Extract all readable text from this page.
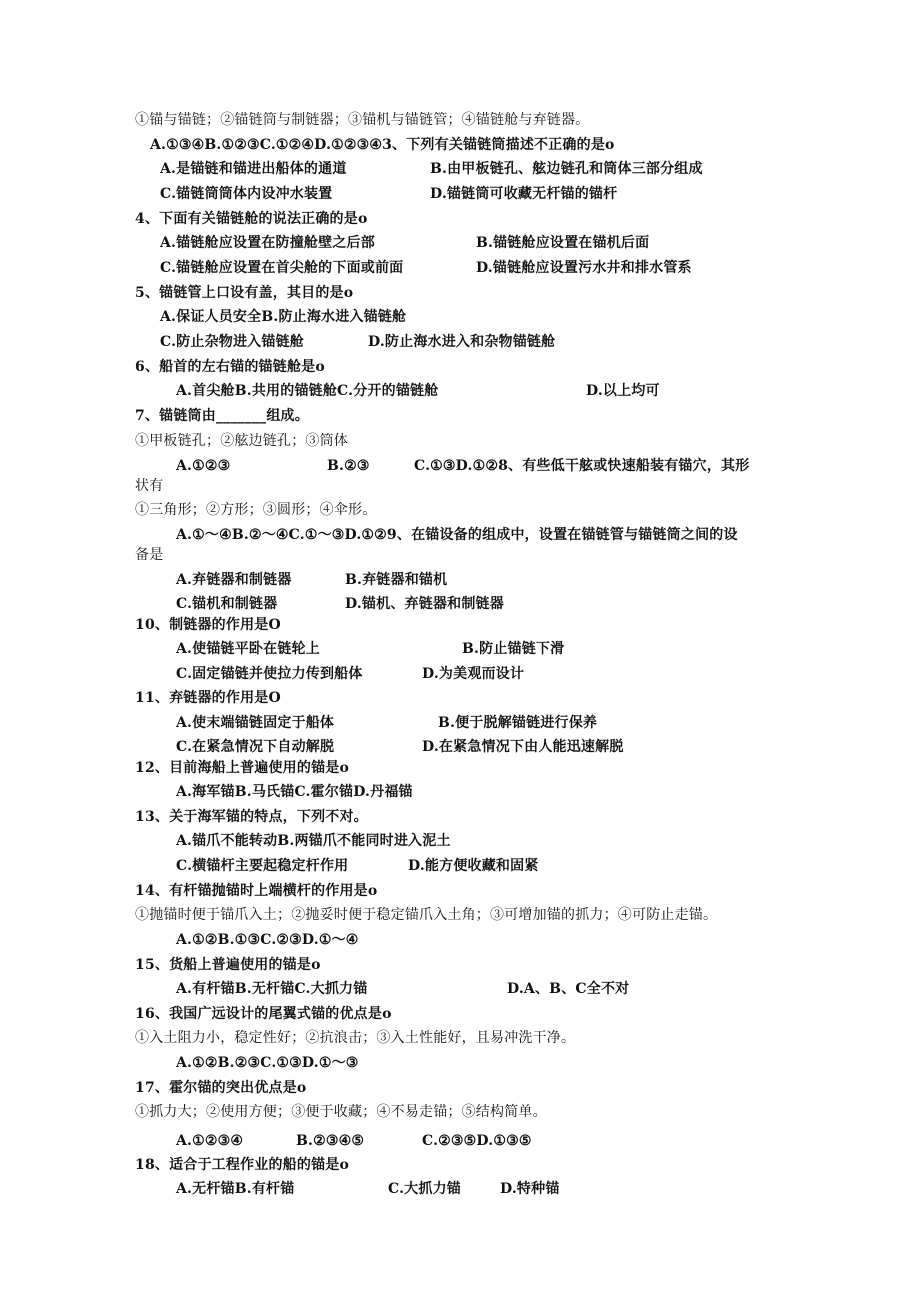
①锚与锚链；②锚链筒与制链器；③锚机与锚链管；④锚链舱与弃链器。
A.①③④B.①②③C.①②④D.①②③④3、下列有关锚链筒描述不正确的是o
A.是锚链和锚进出船体的通道	B.由甲板链孔、舷边链孔和筒体三部分组成
C.锚链筒筒体内设冲水装置	D.锚链筒可收藏无杆锚的锚杆
4、下面有关锚链舱的说法正确的是o
A.锚链舱应设置在防撞舱壁之后部	B.锚链舱应设置在锚机后面
C.锚链舱应设置在首尖舱的下面或前面	D.锚链舱应设置污水井和排水管系
5、锚链管上口设有盖，其目的是o
A.保证人员安全B.防止海水进入锚链舱
C.防止杂物进入锚链舱	D.防止海水进入和杂物锚链舱
6、船首的左右锚的锚链舱是o
A.首尖舱B.共用的锚链舱C.分开的锚链舱	D.以上均可
7、锚链筒由_______组成。
①甲板链孔；②舷边链孔；③筒体
A.①②③	B.②③	C.①③D.①②8、有些低干舷或快速船装有锚穴，其形
状有
①三角形；②方形；③圆形；④伞形。
A.①～④B.②～④C.①～③D.①②9、在锚设备的组成中，设置在锚链管与锚链筒之间的设
备是
A.弃链器和制链器	B.弃链器和锚机
C.锚机和制链器	D.锚机、弃链器和制链器
10、制链器的作用是O
A.使锚链平卧在链轮上	B.防止锚链下滑
C.固定锚链并使拉力传到船体	D.为美观而设计
11、弃链器的作用是O
A.使末端锚链固定于船体	B.便于脱解锚链进行保养
C.在紧急情况下自动解脱	D.在紧急情况下由人能迅速解脱
12、目前海船上普遍使用的锚是o
A.海军锚B.马氏锚C.霍尔锚D.丹福锚
13、关于海军锚的特点，下列不对。
A.锚爪不能转动B.两锚爪不能同时进入泥土
C.横锚杆主要起稳定杆作用	D.能方便收藏和固紧
14、有杆锚抛锚时上端横杆的作用是o
①抛锚时便于锚爪入土；②抛妥时便于稳定锚爪入土角；③可增加锚的抓力；④可防止走锚。
A.①②B.①③C.②③D.①～④
15、货船上普遍使用的锚是o
A.有杆锚B.无杆锚C.大抓力锚	D.A、B、C全不对
16、我国广远设计的尾翼式锚的优点是o
①入土阻力小，稳定性好；②抗浪击；③入土性能好，且易冲洗干净。
A.①②B.②③C.①③D.①～③
17、霍尔锚的突出优点是o
①抓力大；②使用方便；③便于收藏；④不易走锚；⑤结构简单。
A.①②③④	B.②③④⑤	C.②③⑤D.①③⑤
18、适合于工程作业的船的锚是o
A.无杆锚B.有杆锚	C.大抓力锚	D.特种锚
